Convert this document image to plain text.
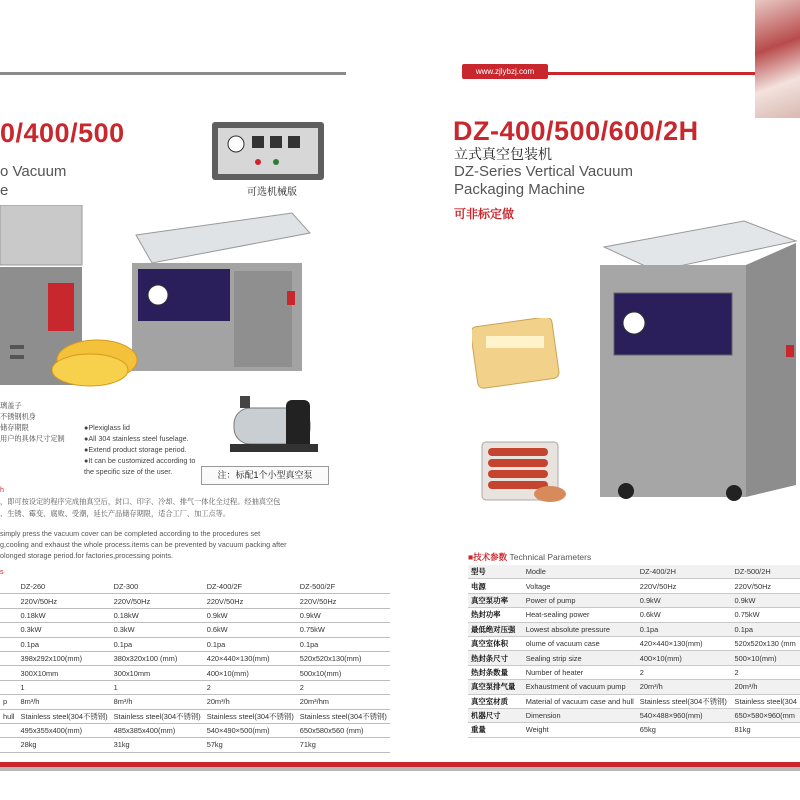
www.zjlybzj.com
0/400/500
o Vacuum
e	可选机械版
璃盖子
不锈钢机身
储存期限
用户的具体尺寸定制
●Plexiglass lid
●All 304 stainless steel fuselage.
●Extend product storage period.
●It can be customized according to
the specific size of the user.	注：标配1个小型真空泵
h
，即可按设定的程序完成抽真空后，封口、印字、冷却、排气一体化全过程。经抽真空包
、生锈、霉变、腐败、受潮，延长产品储存期限，适合工厂、加工点等。
simply press the vacuum cover can be completed according to the procedures set
g,cooling and exhaust the whole process.items can be prevented by vacuum packing after
olonged storage period.for factories,processing points.
s
	DZ-260	DZ-300	DZ-400/2F	DZ-500/2F
	220V/50Hz	220V/50Hz	220V/50Hz	220V/50Hz
	0.18kW	0.18kW	0.9kW	0.9kW
	0.3kW	0.3kW	0.6kW	0.75kW
	0.1pa	0.1pa	0.1pa	0.1pa
	398x292x100(mm)	380x320x100 (mm)	420×440×130(mm)	520x520x130(mm)
	300X10mm	300x10mm	400×10(mm)	500x10(mm)
	1	1	2	2
p	8m³/h	8m³/h	20m³/h	20m³/hm
hull	Stainless steel(304不锈钢)	Stainless steel(304不锈钢)	Stainless steel(304不锈钢)	Stainless steel(304不锈钢)
	495x355x400(mm)	485x385x400(mm)	540×490×500(mm)	650x580x560 (mm)
	28kg	31kg	57kg	71kg
DZ-400/500/600/2H
立式真空包装机
DZ-Series Vertical Vacuum
Packaging Machine
可非标定做
■技术参数 Technical Parameters
型号	Modle	DZ-400/2H	DZ-500/2H
电源	Voltage	220V/50Hz	220V/50Hz
真空泵功率	Power of pump	0.9kW	0.9kW
热封功率	Heat-sealing power	0.6kW	0.75kW
最低绝对压强	Lowest absolute pressure	0.1pa	0.1pa
真空室体积	olume of vacuum case	420×440×130(mm)	520x520x130 (mm
热封条尺寸	Sealing strip size	400×10(mm)	500×10(mm)
热封条数量	Number of heater	2	2
真空泵排气量	Exhaustment of vacuum pump	20m³/h	20m³/h
真空室材质	Material of vacuum case and hull	Stainless steel(304不锈钢)	Stainless steel(304
机器尺寸	Dimension	540×488×960(mm)	650×580×960(mm
重量	Weight	65kg	81kg
